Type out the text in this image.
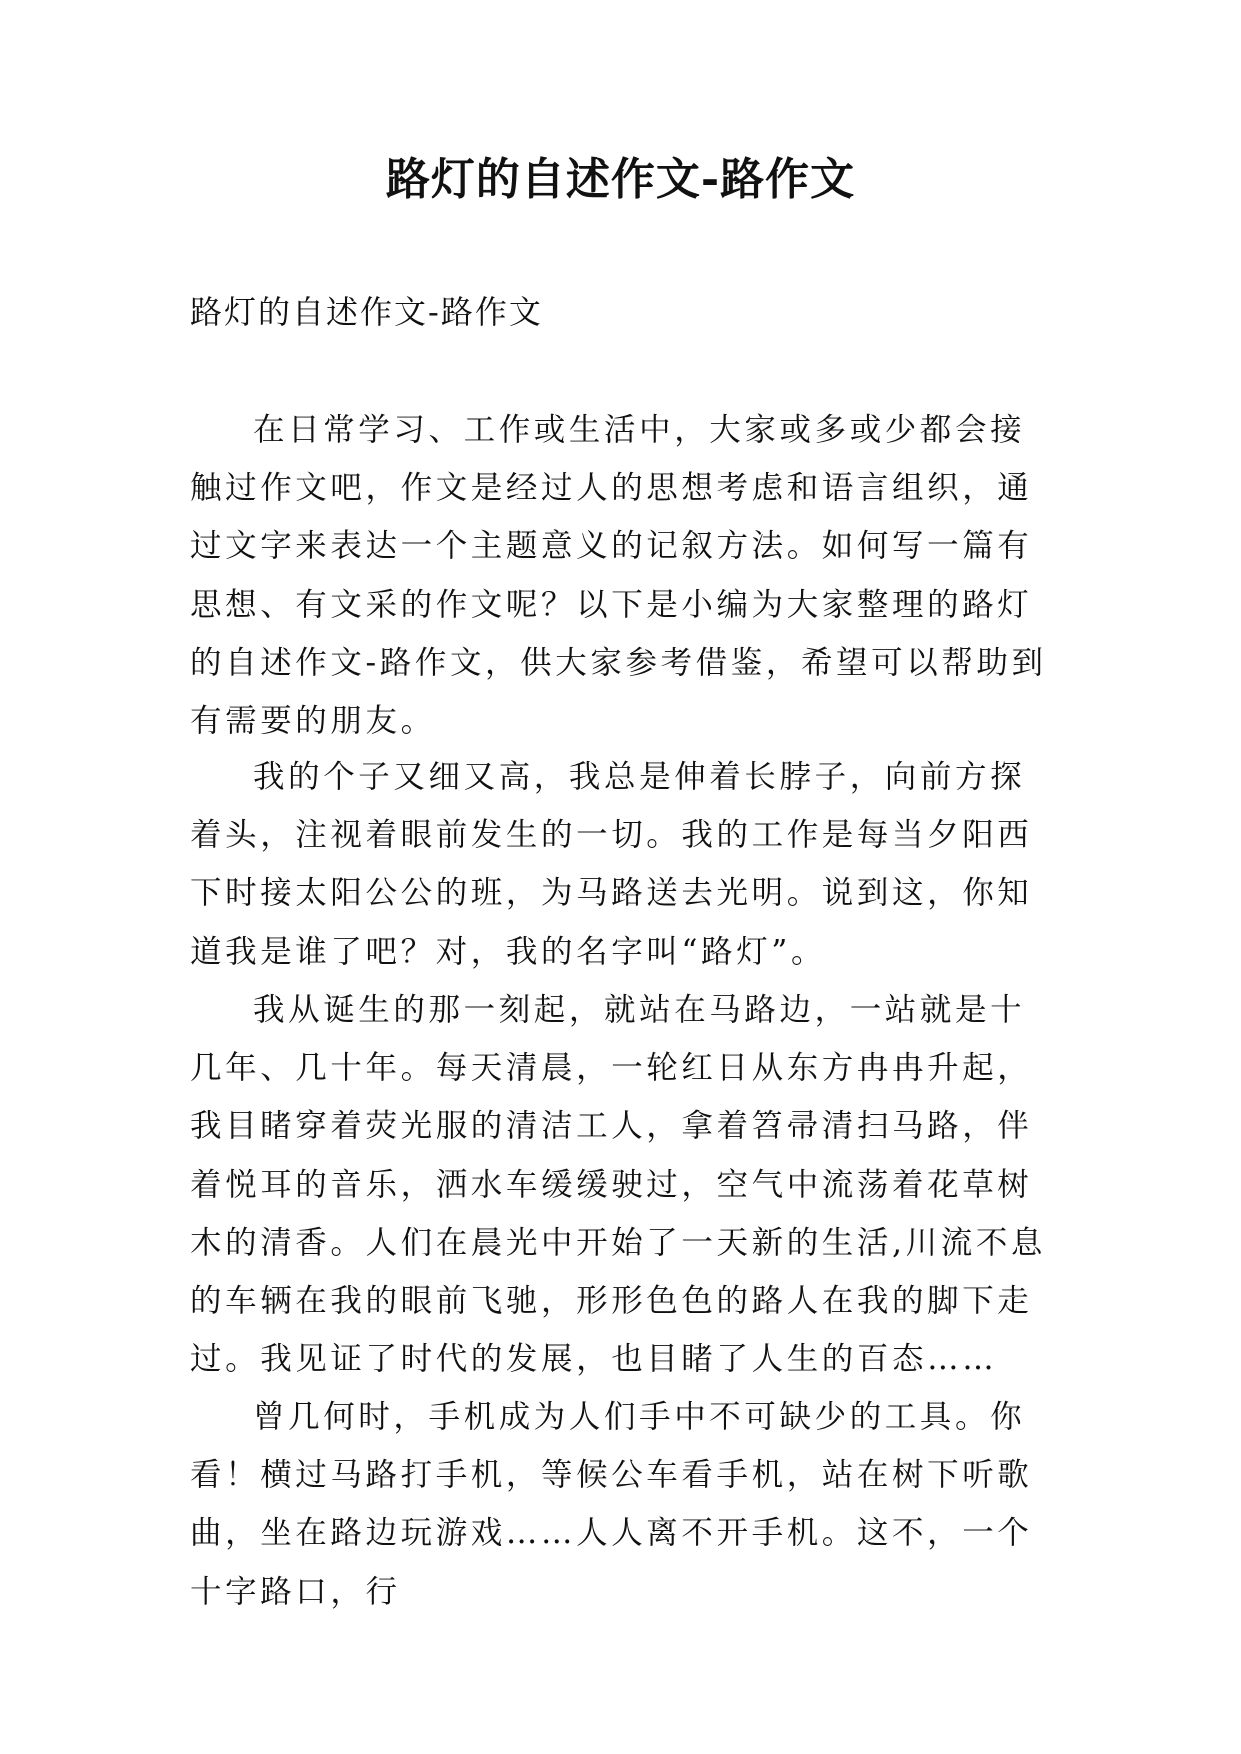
路灯的自述作文-路作文

路灯的自述作文-路作文

在日常学习、工作或生活中，大家或多或少都会接触过作文吧，作文是经过人的思想考虑和语言组织，通过文字来表达一个主题意义的记叙方法。如何写一篇有思想、有文采的作文呢？以下是小编为大家整理的路灯的自述作文-路作文，供大家参考借鉴，希望可以帮助到有需要的朋友。

我的个子又细又高，我总是伸着长脖子，向前方探着头，注视着眼前发生的一切。我的工作是每当夕阳西下时接太阳公公的班，为马路送去光明。说到这，你知道我是谁了吧？对，我的名字叫“路灯”。

我从诞生的那一刻起，就站在马路边，一站就是十几年、几十年。每天清晨，一轮红日从东方冉冉升起，我目睹穿着荧光服的清洁工人，拿着笤帚清扫马路，伴着悦耳的音乐，洒水车缓缓驶过，空气中流荡着花草树木的清香。人们在晨光中开始了一天新的生活,川流不息的车辆在我的眼前飞驰，形形色色的路人在我的脚下走过。我见证了时代的发展，也目睹了人生的百态……

曾几何时，手机成为人们手中不可缺少的工具。你看！横过马路打手机，等候公车看手机，站在树下听歌曲，坐在路边玩游戏……人人离不开手机。这不，一个十字路口，行
